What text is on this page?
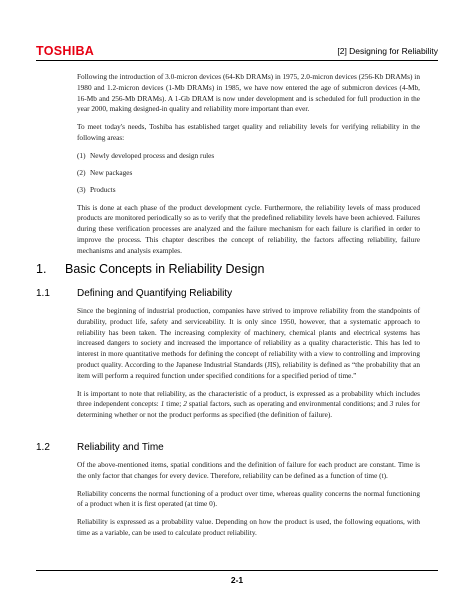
TOSHIBA	[2] Designing for Reliability

Following the introduction of 3.0-micron devices (64-Kb DRAMs) in 1975, 2.0-micron devices (256-Kb DRAMs) in 1980 and 1.2-micron devices (1-Mb DRAMs) in 1985, we have now entered the age of submicron devices (4-Mb, 16-Mb and 256-Mb DRAMs). A 1-Gb DRAM is now under development and is scheduled for full production in the year 2000, making designed-in quality and reliability more important than ever.

To meet today's needs, Toshiba has established target quality and reliability levels for verifying reliability in the following areas:

(1) Newly developed process and design rules
(2) New packages
(3) Products

This is done at each phase of the product development cycle. Furthermore, the reliability levels of mass produced products are monitored periodically so as to verify that the predefined reliability levels have been achieved. Failures during these verification processes are analyzed and the failure mechanism for each failure is clarified in order to improve the process. This chapter describes the concept of reliability, the factors affecting reliability, failure mechanisms and analysis examples.

1. Basic Concepts in Reliability Design
1.1	Defining and Quantifying Reliability

Since the beginning of industrial production, companies have strived to improve reliability from the standpoints of durability, product life, safety and serviceability. It is only since 1950, however, that a systematic approach to reliability has been taken. The increasing complexity of machinery, chemical plants and electrical systems has increased dangers to society and increased the importance of reliability as a quality characteristic. This has led to interest in more quantitative methods for defining the concept of reliability with a view to controlling and improving product quality. According to the Japanese Industrial Standards (JIS), reliability is defined as “the probability that an item will perform a required function under specified conditions for a specified period of time.”

It is important to note that reliability, as the characteristic of a product, is expressed as a probability which includes three independent concepts: 1 time; 2 spatial factors, such as operating and environmental conditions; and 3 rules for determining whether or not the product performs as specified (the definition of failure).

1.2	Reliability and Time

Of the above-mentioned items, spatial conditions and the definition of failure for each product are constant. Time is the only factor that changes for every device. Therefore, reliability can be defined as a function of time (t).

Reliability concerns the normal functioning of a product over time, whereas quality concerns the normal functioning of a product when it is first operated (at time 0).

Reliability is expressed as a probability value. Depending on how the product is used, the following equations, with time as a variable, can be used to calculate product reliability.

2-1
